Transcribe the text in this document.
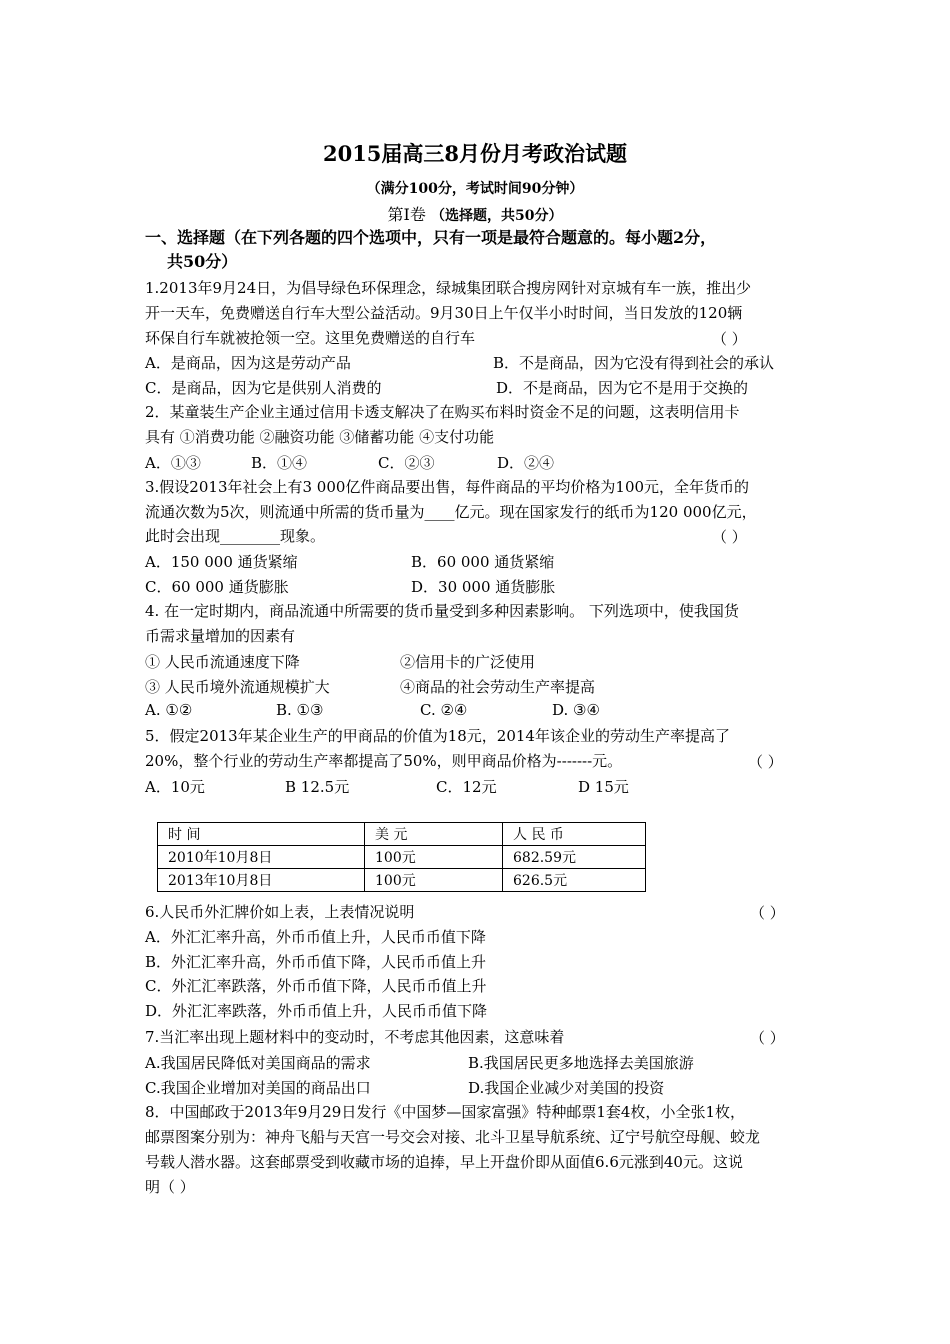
2015届高三8月份月考政治试题
（满分100分，考试时间90分钟）
第Ⅰ卷 （选择题，共50分）
一、选择题（在下列各题的四个选项中，只有一项是最符合题意的。每小题2分，
共50分）
1.2013年9月24日，为倡导绿色环保理念，绿城集团联合搜房网针对京城有车一族，推出少
开一天车，免费赠送自行车大型公益活动。9月30日上午仅半小时时间，当日发放的120辆
环保自行车就被抢领一空。这里免费赠送的自行车	（ ）
A．是商品，因为这是劳动产品	B．不是商品，因为它没有得到社会的承认
C．是商品，因为它是供别人消费的	D．不是商品，因为它不是用于交换的
2．某童装生产企业主通过信用卡透支解决了在购买布料时资金不足的问题，这表明信用卡
具有 ①消费功能 ②融资功能 ③储蓄功能 ④支付功能
A．①③	B．①④	C．②③	D．②④
3.假设2013年社会上有3 000亿件商品要出售，每件商品的平均价格为100元，全年货币的
流通次数为5次，则流通中所需的货币量为____亿元。现在国家发行的纸币为120 000亿元，
此时会出现________现象。	（ ）
A．150 000 通货紧缩	B．60 000 通货紧缩
C．60 000 通货膨胀	D．30 000 通货膨胀
4. 在一定时期内，商品流通中所需要的货币量受到多种因素影响。 下列选项中，使我国货
币需求量增加的因素有
① 人民币流通速度下降	②信用卡的广泛使用
③ 人民币境外流通规模扩大	④商品的社会劳动生产率提高
A. ①②	B. ①③	C. ②④	D. ③④
5．假定2013年某企业生产的甲商品的价值为18元，2014年该企业的劳动生产率提高了
20%，整个行业的劳动生产率都提高了50%，则甲商品价格为-------元。	（ ）
A．10元	B 12.5元	C．12元	D 15元
时 间	美 元	人 民 币
2010年10月8日	100元	682.59元
2013年10月8日	100元	626.5元
6.人民币外汇牌价如上表，上表情况说明	（ ）
A．外汇汇率升高，外币币值上升，人民币币值下降
B．外汇汇率升高，外币币值下降，人民币币值上升
C．外汇汇率跌落，外币币值下降，人民币币值上升
D．外汇汇率跌落，外币币值上升，人民币币值下降
7.当汇率出现上题材料中的变动时，不考虑其他因素，这意味着	（ ）
A.我国居民降低对美国商品的需求	B.我国居民更多地选择去美国旅游
C.我国企业增加对美国的商品出口	D.我国企业减少对美国的投资
8．中国邮政于2013年9月29日发行《中国梦—国家富强》特种邮票1套4枚，小全张1枚，
邮票图案分别为：神舟飞船与天宫一号交会对接、北斗卫星导航系统、辽宁号航空母舰、蛟龙
号载人潜水器。这套邮票受到收藏市场的追捧，早上开盘价即从面值6.6元涨到40元。这说
明（ ）
